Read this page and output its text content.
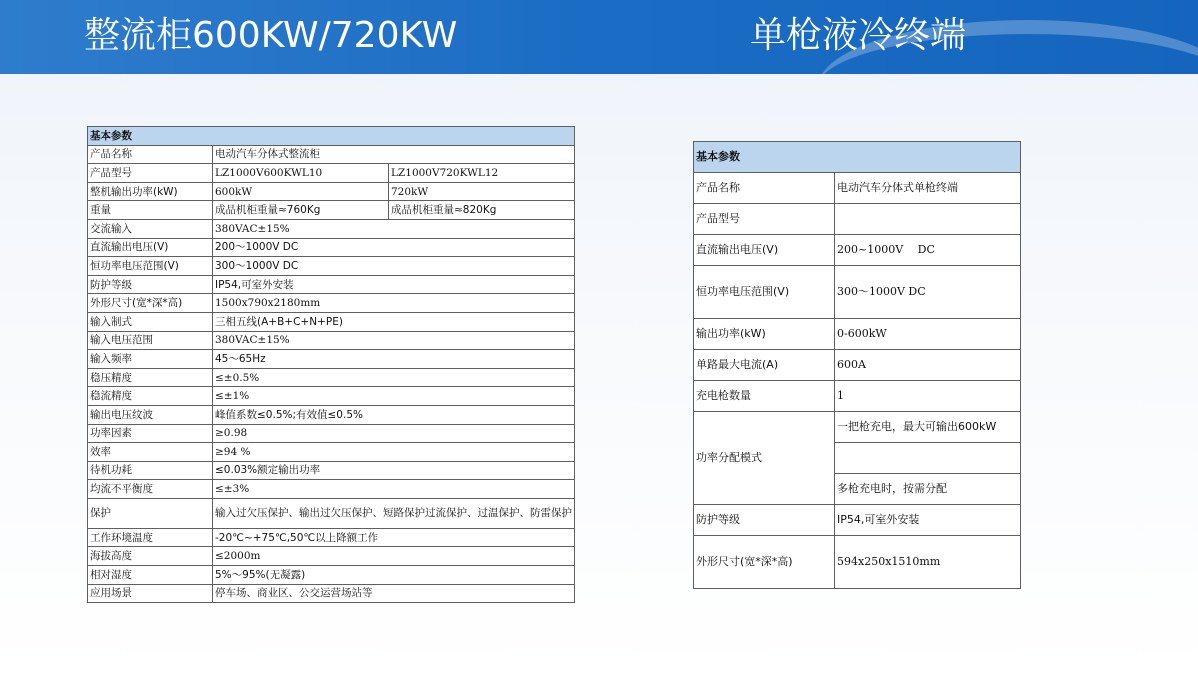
整流柜600KW/720KW	单枪液冷终端
基本参数		
产品名称	电动汽车分体式整流柜	
产品型号	LZ1000V600KWL10	LZ1000V720KWL12
整机输出功率(kW)	600kW	720kW
重量	成品机柜重量≈760Kg	成品机柜重量≈820Kg
交流输入	380VAC±15%	
直流输出电压(V)	200～1000V DC	
恒功率电压范围(V)	300～1000V DC	
防护等级	IP54,可室外安装	
外形尺寸(宽*深*高)	1500x790x2180mm	
输入制式	三相五线(A+B+C+N+PE)	
输入电压范围	380VAC±15%	
输入频率	45～65Hz	
稳压精度	≤±0.5%	
稳流精度	≤±1%	
输出电压纹波	峰值系数≤0.5%;有效值≤0.5%	
功率因素	≥0.98	
效率	≥94 %	
待机功耗	≤0.03%额定输出功率	
均流不平衡度	≤±3%	
保护	输入过欠压保护、输出过欠压保护、短路保护过流保护、过温保护、防雷保护	
工作环境温度	-20℃~+75℃,50℃以上降额工作	
海拔高度	≤2000m	
相对湿度	5%～95%(无凝露)	
应用场景	停车场、商业区、公交运营场站等	
基本参数	
产品名称	电动汽车分体式单枪终端
产品型号	
直流输出电压(V)	200~1000V　 DC
恒功率电压范围(V)	300～1000V DC
输出功率(kW)	0-600kW
单路最大电流(A)	600A
充电枪数量	1
功率分配模式	一把枪充电，最大可输出600kW

	多枪充电时，按需分配
防护等级	IP54,可室外安装
外形尺寸(宽*深*高)	594x250x1510mm
